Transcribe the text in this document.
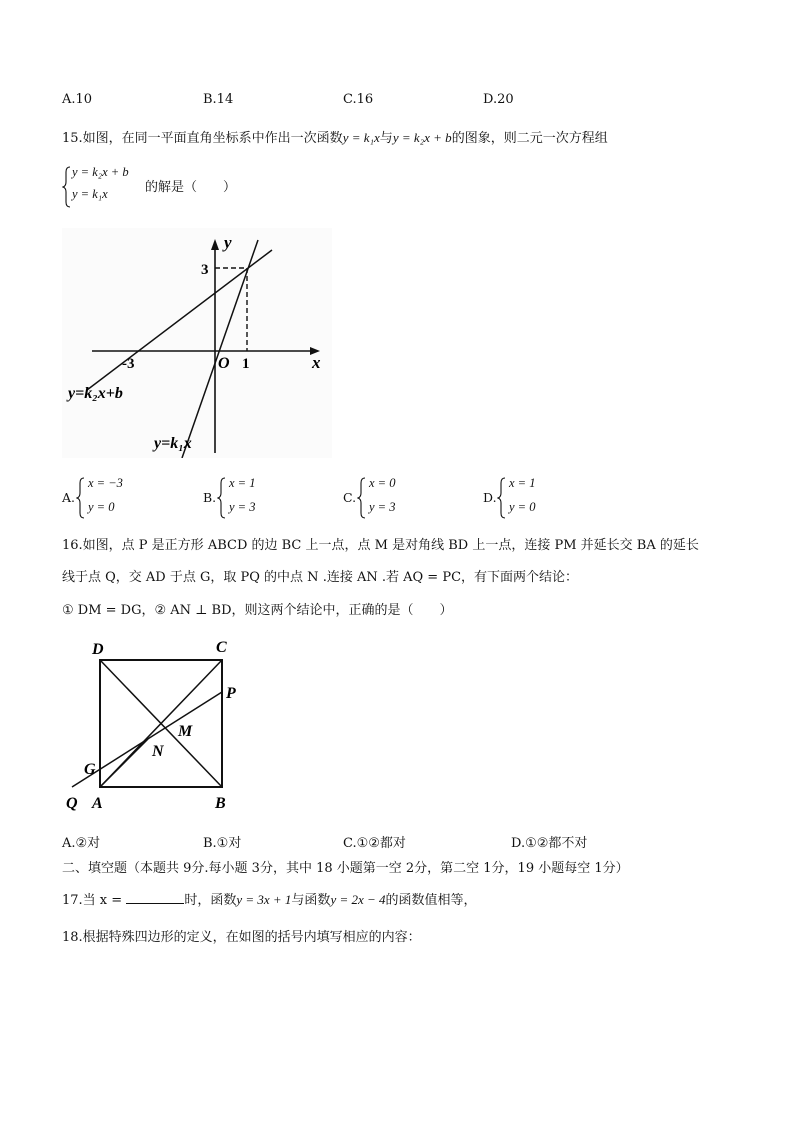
A.10	B.14	C.16	D.20
15.如图，在同一平面直角坐标系中作出一次函数y = k₁x与y = k₂x + b的图象，则二元一次方程组
y = k₂x + b
y = k₁x	的解是（　　）
y
x
O
3
1
-3
y=k₂x+b
y=k₁x
A.
x = −3
y = 0
B.
x = 1
y = 3
C.
x = 0
y = 3
D.
x = 1
y = 0
16.如图，点 P 是正方形 ABCD 的边 BC 上一点，点 M 是对角线 BD 上一点，连接 PM 并延长交 BA 的延长
线于点 Q，交 AD 于点 G，取 PQ 的中点 N .连接 AN .若 AQ = PC，有下面两个结论：
① DM = DG，② AN ⊥ BD，则这两个结论中，正确的是（　　）
D	C
P
M
N
G
Q A	B
A.②对	B.①对	C.①②都对	D.①②都不对
二、填空题（本题共 9分.每小题 3分，其中 18 小题第一空 2分，第二空 1分，19 小题每空 1分）
17.当 x =	时，函数y = 3x + 1与函数y = 2x − 4的函数值相等，
18.根据特殊四边形的定义，在如图的括号内填写相应的内容：
